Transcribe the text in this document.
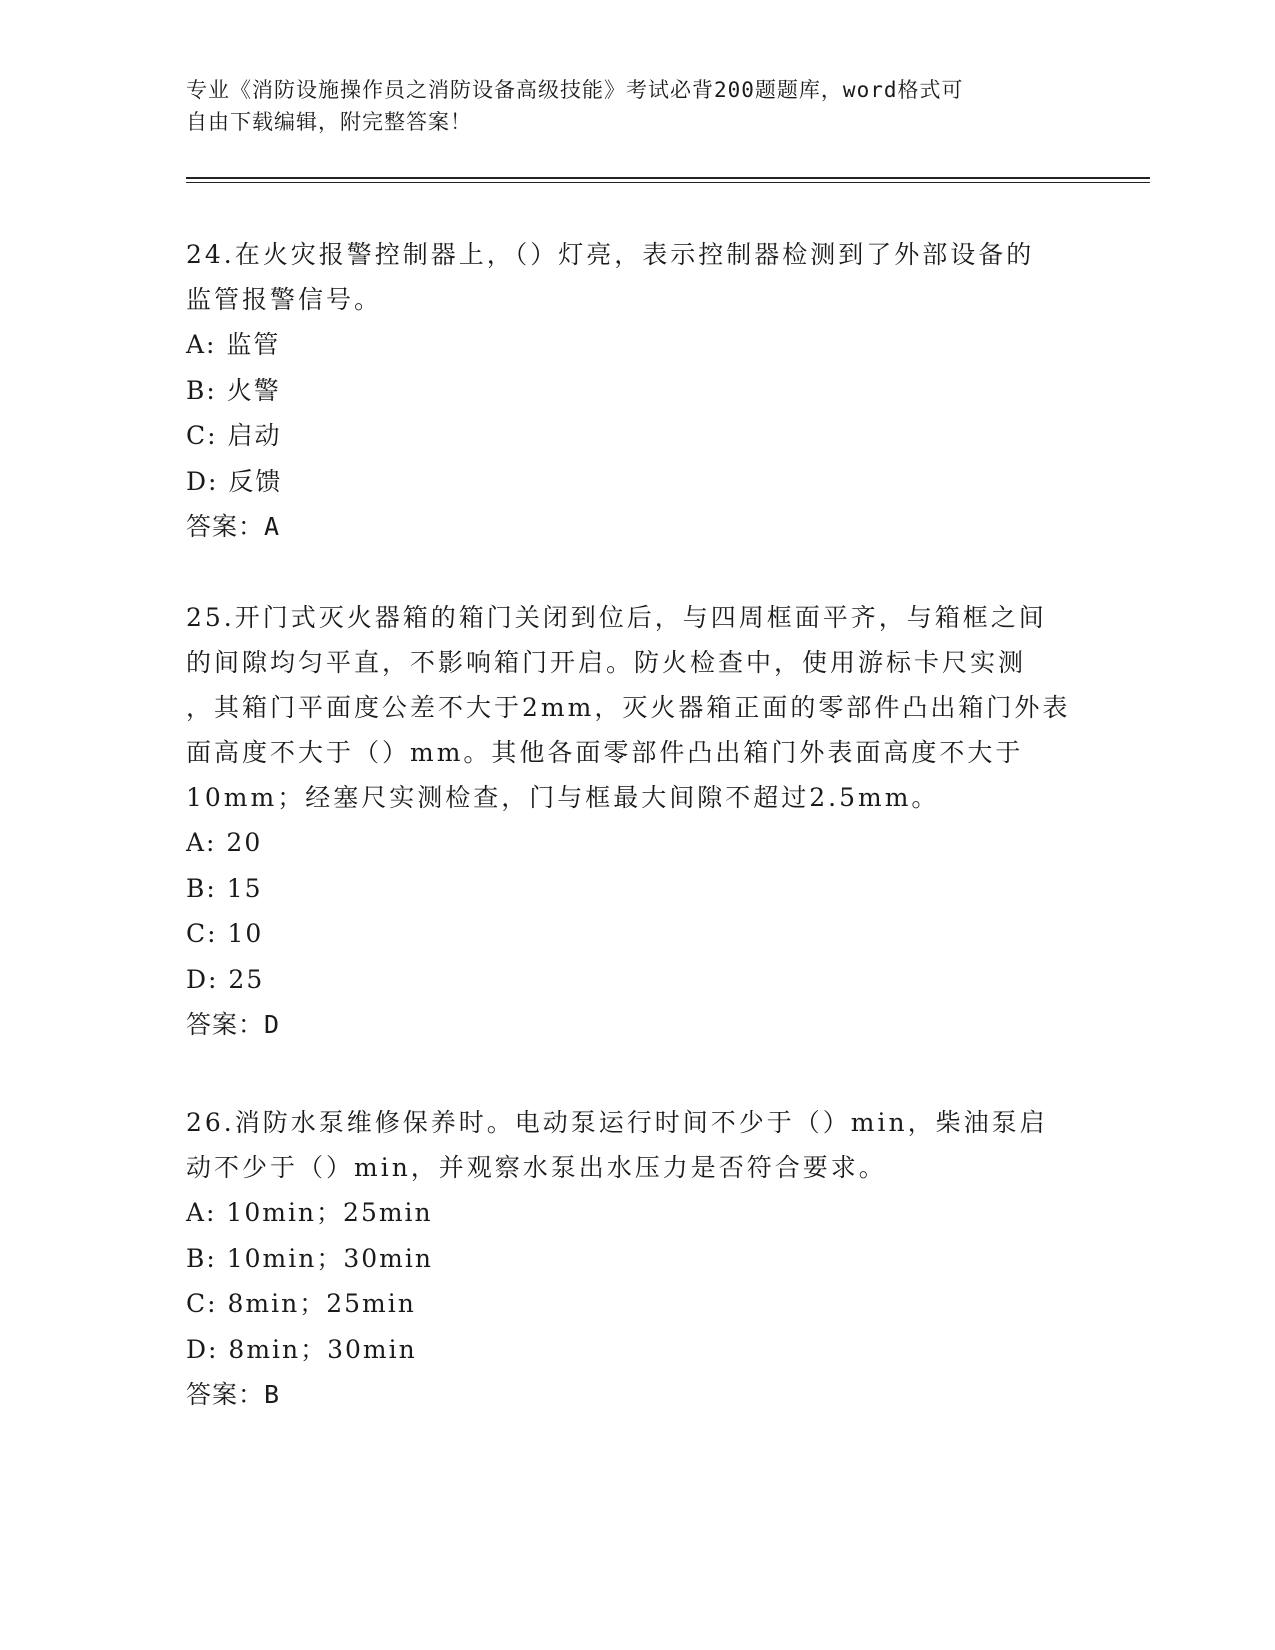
专业《消防设施操作员之消防设备高级技能》考试必背200题题库，word格式可
自由下载编辑，附完整答案！
24.在火灾报警控制器上，（）灯亮，表示控制器检测到了外部设备的
监管报警信号。
A: 监管
B: 火警
C: 启动
D: 反馈
答案：A
25.开门式灭火器箱的箱门关闭到位后，与四周框面平齐，与箱框之间
的间隙均匀平直，不影响箱门开启。防火检查中，使用游标卡尺实测
，其箱门平面度公差不大于2mm，灭火器箱正面的零部件凸出箱门外表
面高度不大于（）mm。其他各面零部件凸出箱门外表面高度不大于
10mm；经塞尺实测检查，门与框最大间隙不超过2.5mm。
A: 20
B: 15
C: 10
D: 25
答案：D
26.消防水泵维修保养时。电动泵运行时间不少于（）min，柴油泵启
动不少于（）min，并观察水泵出水压力是否符合要求。
A: 10min；25min
B: 10min；30min
C: 8min；25min
D: 8min；30min
答案：B
